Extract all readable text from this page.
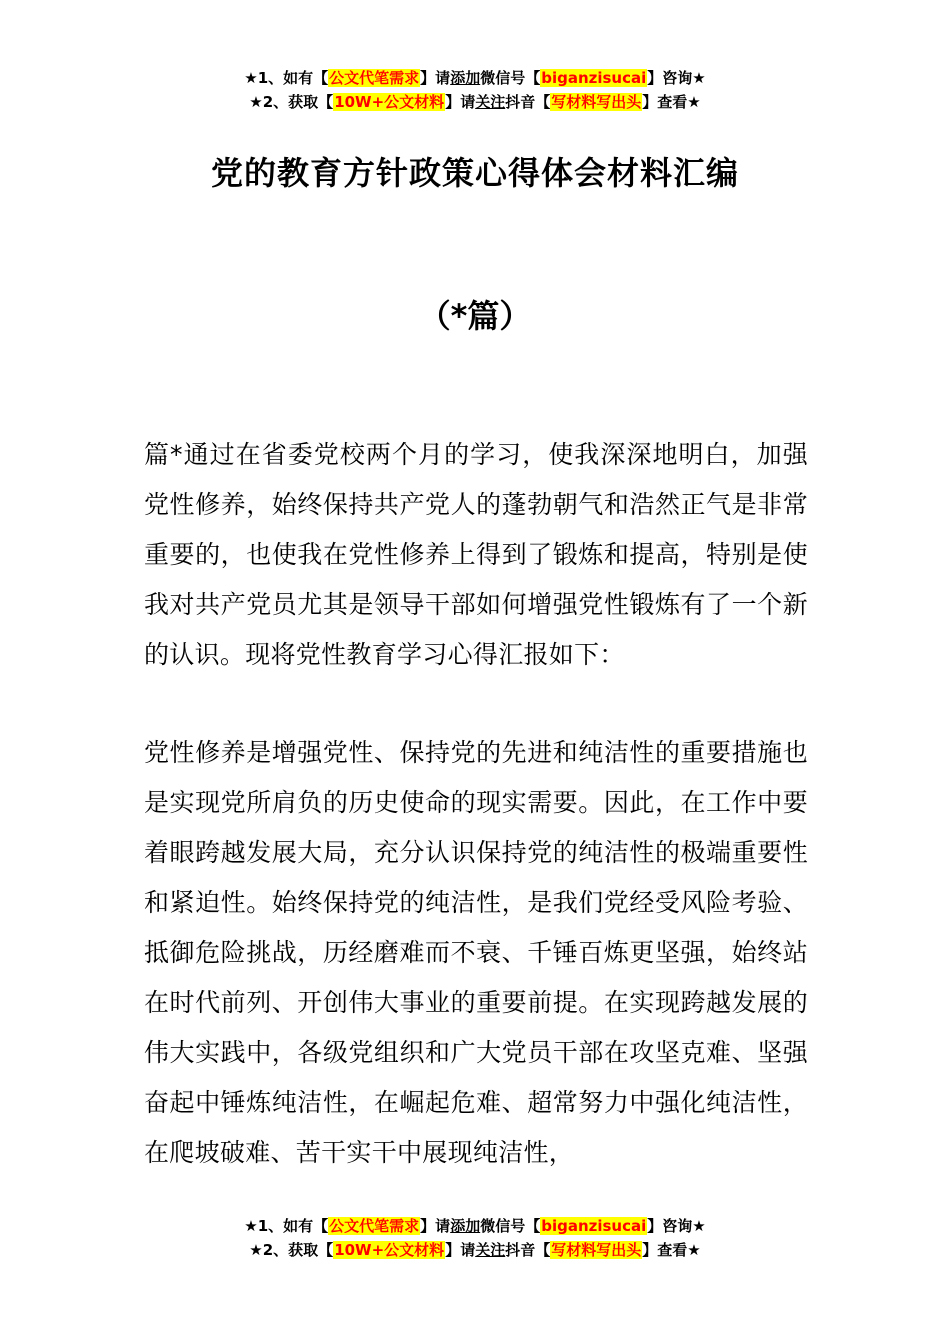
★1、如有【公文代笔需求】请添加微信号【biganzisucai】咨询★
★2、获取【10W+公文材料】请关注抖音【写材料写出头】查看★
党的教育方针政策心得体会材料汇编
（*篇）
篇*通过在省委党校两个月的学习，使我深深地明白，加强党性修养，始终保持共产党人的蓬勃朝气和浩然正气是非常重要的，也使我在党性修养上得到了锻炼和提高，特别是使我对共产党员尤其是领导干部如何增强党性锻炼有了一个新的认识。现将党性教育学习心得汇报如下：
党性修养是增强党性、保持党的先进和纯洁性的重要措施也是实现党所肩负的历史使命的现实需要。因此，在工作中要着眼跨越发展大局，充分认识保持党的纯洁性的极端重要性和紧迫性。始终保持党的纯洁性，是我们党经受风险考验、抵御危险挑战，历经磨难而不衰、千锤百炼更坚强，始终站在时代前列、开创伟大事业的重要前提。在实现跨越发展的伟大实践中，各级党组织和广大党员干部在攻坚克难、坚强奋起中锤炼纯洁性，在崛起危难、超常努力中强化纯洁性，在爬坡破难、苦干实干中展现纯洁性，
★1、如有【公文代笔需求】请添加微信号【biganzisucai】咨询★
★2、获取【10W+公文材料】请关注抖音【写材料写出头】查看★
